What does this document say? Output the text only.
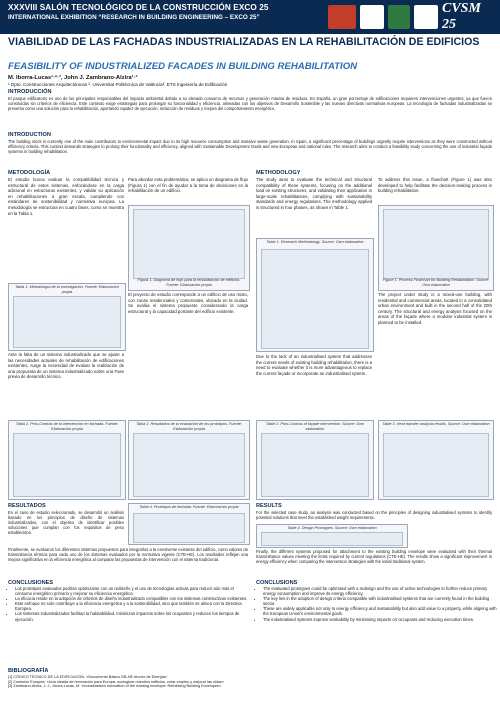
XXXVIII SALÓN TECNOLÓGICO DE LA CONSTRUCCIÓN EXCO 25
INTERNATIONAL EXHIBITION “RESEARCH IN BUILDING ENGINEERING – EXCO 25”
CVSM 25
VIABILIDAD DE LAS FACHADAS INDUSTRIALIZADAS EN LA REHABILITACIÓN DE EDIFICIOS
FEASIBILITY OF INDUSTRIALIZED FACADES IN BUILDING REHABILITATION
M. Iborra-Lucas¹·²·³, John J. Zambrano-Alzira¹·³
¹ Dpto. Construcciones Arquitectónicas ². Universitat Politècnica de València³. ETS Ingeniería de Edificación
INTRODUCCIÓN
El parque edificatorio es uno de los principales responsables del impacto ambiental debido a su elevado consumo de recursos y generación masiva de residuos. En España, un gran porcentaje de edificaciones requieren intervenciones urgentes, ya que fueron construidas sin criterios de eficiencia. Este contexto exige estrategias para prolongar su funcionalidad y eficiencia, alineadas con los objetivos de Desarrollo Sostenible y las nuevas directivas normativas europeas. La tecnología de fachadas industrializadas se presenta como una solución para la rehabilitación, aportando rapidez de ejecución, reducción de residuos y mejora del comportamiento energético.
INTRODUCTION
The building stock is currently one of the main contributors to environmental impact due to its high resource consumption and massive waste generation. In Spain, a significant percentage of buildings urgently require interventions as they were constructed without efficiency criteria. This context demands strategies to prolong their functionality and efficiency, aligned with Sustainable Development Goals and new European and national rules. The research aims to conduct a feasibility study concerning the use of industrial façade systems in building rehabilitation.
METODOLOGÍA
El estudio busca evaluar la compatibilidad técnica y estructural de estos sistemas, enfocándose en la carga adicional en estructuras existentes, y validar su aplicación en rehabilitaciones a gran escala, cumpliendo con estándares de sostenibilidad y normativa europea. La metodología se estructura en cuatro fases, como se muestra en la Tabla 1.
Tabla 1. Metodología de la investigación. Fuente: Elaboración propia
Ante la falta de un sistema industrializado que se ajuste a las necesidades actuales de rehabilitación de edificaciones existentes, surge la necesidad de evaluar la realización de una propuesta de un sistema industrializado sobre una Fase previa de desarrollo técnico.
Tabla 2. Pros-Contras de la intervención en fachada. Fuente: Elaboración propia
Para abordar esta problemática, se aplica un diagrama de flujo (Figura 1) con el fin de ayudar a la toma de decisiones en la rehabilitación de un edificio.
Figura 1. Diagrama de flujo para la rehabilitación de edificios. Fuente: Elaboración propia
El proyecto de estudio corresponde a un edificio de uso mixto, con zonas residenciales y comerciales, ubicado en la ciudad. Se evalúa el sistema propuesto considerando la carga estructural y la capacidad portante del edificio existente.
Tabla 3. Resultados de la evaluación de los prototipos. Fuente: Elaboración propia
METHODOLOGY
The study aims to evaluate the technical and structural compatibility of these systems, focusing on the additional load on existing structures, and validating their application in large-scale rehabilitations, complying with sustainability standards and energy regulations. The methodology applied is structured in four phases, as shown in Table 1.
Table 1. Research Methodology. Source: Own elaboration
Due to the lack of an industrialised system that addresses the current needs of existing building rehabilitation, there is a need to evaluate whether it is more advantageous to replace the current façade or incorporate an industrialised system.
Table 2. Pros-Contras of façade intervention. Source: Own elaboration
To address this issue, a flowchart (Figure 1) was also developed to help facilitate the decision-making process in building rehabilitation.
Figure 1. Process Flowchart for Building Rehabilitation. Source: Own elaboration
The project under study is a mixed-use building, with residential and commercial areas, located in a consolidated urban environment and built in the second half of the 20th century. The structural and energy analysis focused on the areas of the façade where a modular industrial system is planned to be installed.
Table 3. Heat transfer analysis results. Source: Own elaboration
RESULTADOS
En el caso de estudio seleccionado, se desarrolló un análisis basado en los principios de diseño de sistemas industrializados, con el objetivo de identificar posibles soluciones que cumplan con los requisitos de peso establecidos.
Tabla 4. Prototipos de fachada. Fuente: Elaboración propia
Finalmente, se evaluaron los diferentes sistemas propuestos para integrarlos a la envolvente existente del edificio, como valores de transmitancia térmica para cada uno de los sistemas evaluados por la normativa vigente (CTE-HE). Los resultados reflejan una mejora significativa en la eficiencia energética al comparar las propuestas de intervención con el sistema tradicional.
RESULTS
For the selected case study, an analysis was conducted based on the principles of designing industrialised systems to identify potential solutions that meet the established weight requirements.
Table 4. Design Prototypes. Source: Own elaboration
Finally, the different systems proposed for attachment to the existing building envelope were evaluated with their thermal transmittance values meeting the limits required by current regulations (CTE-HE). The results show a significant improvement in energy efficiency when comparing the intervention strategies with the initial traditional system.
CONCLUSIONES
• Los prototipos evaluados podrían optimizarse con un rediseño y el uso de tecnologías activas para reducir aún más el consumo energético primario y mejorar su eficiencia energética.
• La eficacia reside en la adopción de criterios de diseño industrializado compatibles con los sistemas constructivos existentes.
• Este enfoque no solo contribuye a la eficiencia energética y a la sostenibilidad, sino que también se alinea con la Directiva Europea.
• Los sistemas industrializados facilitan la habitabilidad, minimizan impactos sobre los ocupantes y reducen los tiempos de ejecución.
CONCLUSIONS
• The evaluated prototypes could be optimised with a redesign and the use of active technologies to further reduce primary energy consumption and improve its energy efficiency.
• The key lies in the adoption of design criteria compatible with industrialised systems that are currently found in the building sector.
• These are widely applicable not only to energy efficiency and sustainability but also add value to a property, while aligning with the European Union's environmental goals.
• The industrialised systems improve workability by minimising impacts on occupants and reducing execution times.
BIBLIOGRAFÍA
[1] CÓDIGO TÉCNICO DE LA EDIFICACIÓN. «Documento Básico DB-HE Ahorro de Energía»
[2] Comisión Europea. «Una oleada de renovación para Europa: ecologizar nuestros edificios, crear empleo y mejorar las vidas»
[3] Zambrano-Alzira, J. J., Iborra-Lucas, M. «Industrialised renovation of the existing envelope: Rethinking Building Envelopes»
